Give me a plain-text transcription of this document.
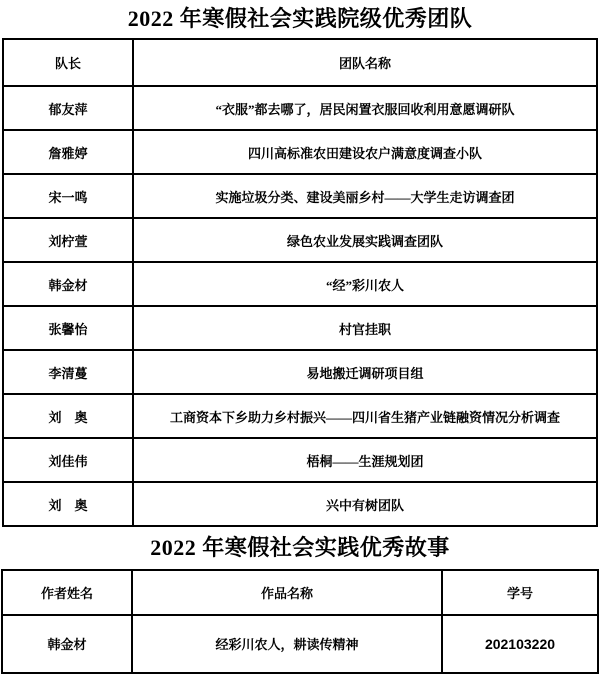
2022 年寒假社会实践院级优秀团队
队长	团队名称
郁友萍	“衣服”都去哪了，居民闲置衣服回收利用意愿调研队
詹雅婷	四川高标准农田建设农户满意度调查小队
宋一鸣	实施垃圾分类、建设美丽乡村——大学生走访调查团
刘柠萱	绿色农业发展实践调查团队
韩金材	“经”彩川农人
张馨怡	村官挂职
李清蔓	易地搬迁调研项目组
刘　奥	工商资本下乡助力乡村振兴——四川省生猪产业链融资情况分析调查
刘佳伟	梧桐——生涯规划团
刘　奥	兴中有树团队
2022 年寒假社会实践优秀故事
作者姓名	作品名称	学号
韩金材	经彩川农人，耕读传精神	202103220
